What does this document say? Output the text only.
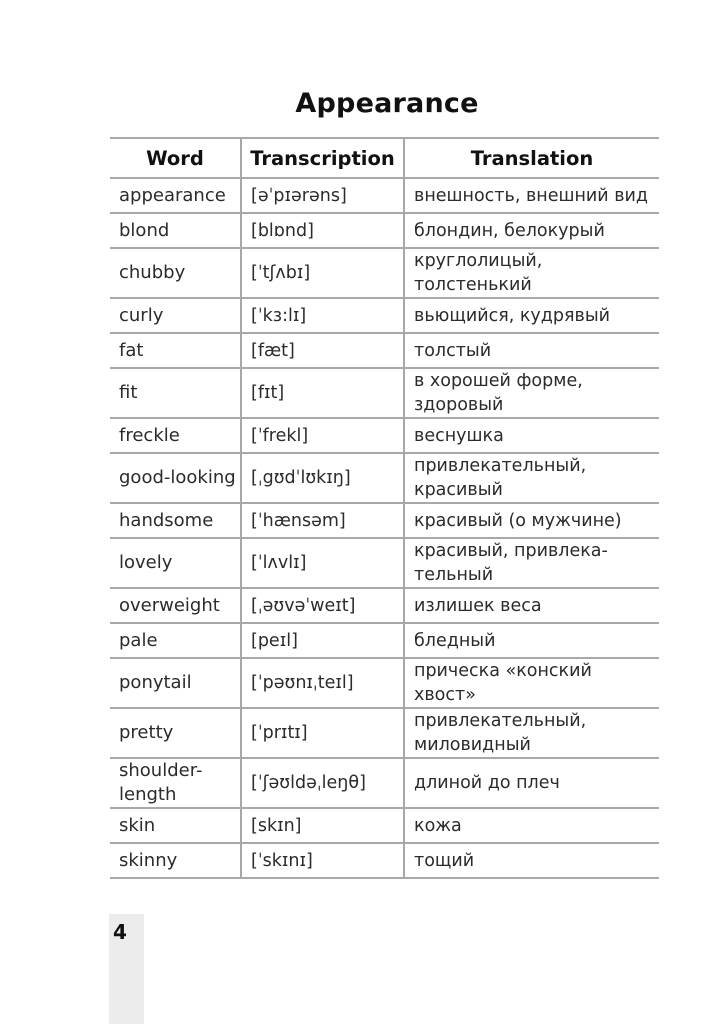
Appearance
Word	Transcription	Translation
appearance	[əˈpɪərəns]	внешность, внешний вид
blond	[blɒnd]	блондин, белокурый
chubby	[ˈtʃʌbɪ]	круглолицый, толстенький
curly	[ˈkɜ:lɪ]	вьющийся, кудрявый
fat	[fæt]	толстый
fit	[fɪt]	в хорошей форме, здоровый
freckle	[ˈfrekl]	веснушка
good-looking	[ˌgʊdˈlʊkɪŋ]	привлекательный, красивый
handsome	[ˈhænsəm]	красивый (о мужчине)
lovely	[ˈlʌvlɪ]	красивый, привлека-тельный
overweight	[ˌəʊvəˈweɪt]	излишек веса
pale	[peɪl]	бледный
ponytail	[ˈpəʊnɪˌteɪl]	прическа «конский хвост»
pretty	[ˈprɪtɪ]	привлекательный, миловидный
shoulder-length	[ˈʃəʊldəˌleŋθ]	длиной до плеч
skin	[skɪn]	кожа
skinny	[ˈskɪnɪ]	тощий
4
